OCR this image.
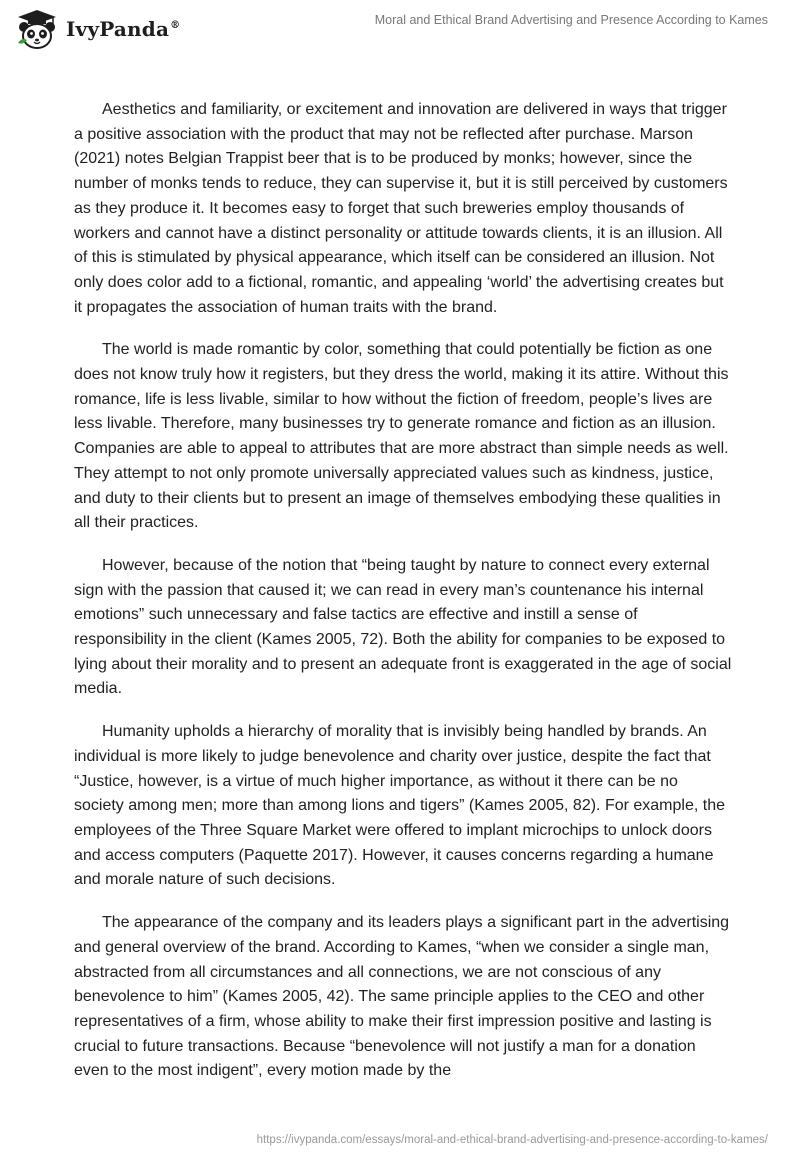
IvyPanda®	Moral and Ethical Brand Advertising and Presence According to Kames

Aesthetics and familiarity, or excitement and innovation are delivered in ways that trigger a positive association with the product that may not be reflected after purchase. Marson (2021) notes Belgian Trappist beer that is to be produced by monks; however, since the number of monks tends to reduce, they can supervise it, but it is still perceived by customers as they produce it. It becomes easy to forget that such breweries employ thousands of workers and cannot have a distinct personality or attitude towards clients, it is an illusion. All of this is stimulated by physical appearance, which itself can be considered an illusion. Not only does color add to a fictional, romantic, and appealing ‘world’ the advertising creates but it propagates the association of human traits with the brand.

The world is made romantic by color, something that could potentially be fiction as one does not know truly how it registers, but they dress the world, making it its attire. Without this romance, life is less livable, similar to how without the fiction of freedom, people’s lives are less livable. Therefore, many businesses try to generate romance and fiction as an illusion. Companies are able to appeal to attributes that are more abstract than simple needs as well. They attempt to not only promote universally appreciated values such as kindness, justice, and duty to their clients but to present an image of themselves embodying these qualities in all their practices.

However, because of the notion that “being taught by nature to connect every external sign with the passion that caused it; we can read in every man’s countenance his internal emotions” such unnecessary and false tactics are effective and instill a sense of responsibility in the client (Kames 2005, 72). Both the ability for companies to be exposed to lying about their morality and to present an adequate front is exaggerated in the age of social media.

Humanity upholds a hierarchy of morality that is invisibly being handled by brands. An individual is more likely to judge benevolence and charity over justice, despite the fact that “Justice, however, is a virtue of much higher importance, as without it there can be no society among men; more than among lions and tigers” (Kames 2005, 82). For example, the employees of the Three Square Market were offered to implant microchips to unlock doors and access computers (Paquette 2017). However, it causes concerns regarding a humane and morale nature of such decisions.

The appearance of the company and its leaders plays a significant part in the advertising and general overview of the brand. According to Kames, “when we consider a single man, abstracted from all circumstances and all connections, we are not conscious of any benevolence to him” (Kames 2005, 42). The same principle applies to the CEO and other representatives of a firm, whose ability to make their first impression positive and lasting is crucial to future transactions. Because “benevolence will not justify a man for a donation even to the most indigent”, every motion made by the

https://ivypanda.com/essays/moral-and-ethical-brand-advertising-and-presence-according-to-kames/
